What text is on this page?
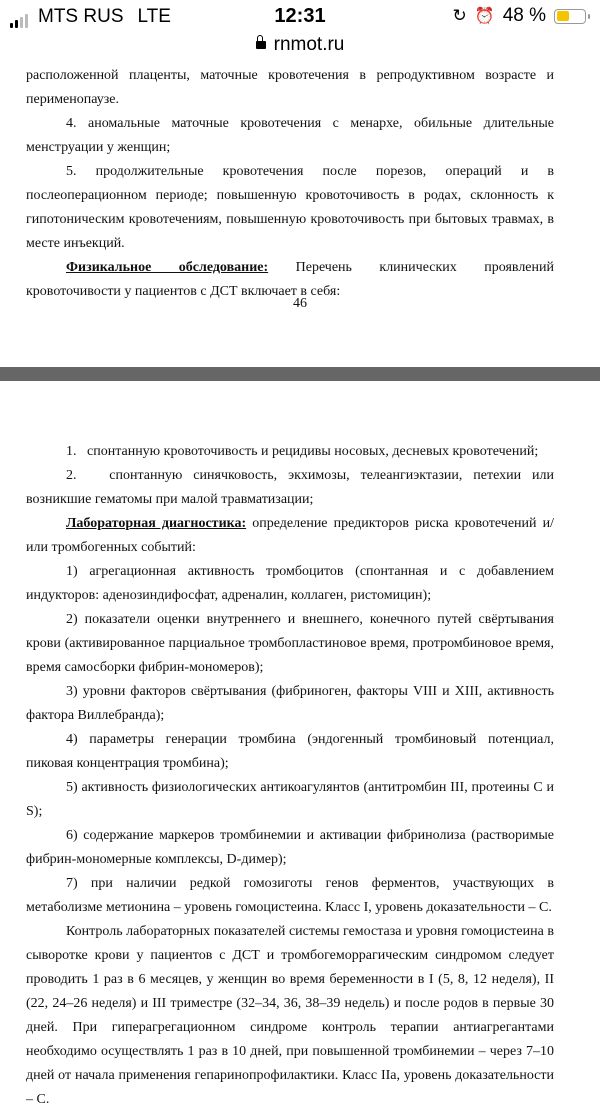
MTS RUS LTE	12:31	↻ ⏰ 48 %
rnmot.ru

расположенной плаценты, маточные кровотечения в репродуктивном возрасте и перименопаузе.

4. аномальные маточные кровотечения с менархе, обильные длительные менструации у женщин;

5. продолжительные кровотечения после порезов, операций и в послеоперационном периоде; повышенную кровоточивость в родах, склонность к гипотоническим кровотечениям, повышенную кровоточивость при бытовых травмах, в месте инъекций.

Физикальное обследование: Перечень клинических проявлений кровоточивости у пациентов с ДСТ включает в себя:

46

1. спонтанную кровоточивость и рецидивы носовых, десневых кровотечений;

2. спонтанную синячковость, экхимозы, телеангиэктазии, петехии или возникшие гематомы при малой травматизации;

Лабораторная диагностика: определение предикторов риска кровотечений и/или тромбогенных событий:

1) агрегационная активность тромбоцитов (спонтанная и с добавлением индукторов: аденозиндифосфат, адреналин, коллаген, ристомицин);

2) показатели оценки внутреннего и внешнего, конечного путей свёртывания крови (активированное парциальное тромбопластиновое время, протромбиновое время, время самосборки фибрин-мономеров);

3) уровни факторов свёртывания (фибриноген, факторы VIII и XIII, активность фактора Виллебранда);

4) параметры генерации тромбина (эндогенный тромбиновый потенциал, пиковая концентрация тромбина);

5) активность физиологических антикоагулянтов (антитромбин III, протеины C и S);

6) содержание маркеров тромбинемии и активации фибринолиза (растворимые фибрин-мономерные комплексы, D-димер);

7) при наличии редкой гомозиготы генов ферментов, участвующих в метаболизме метионина – уровень гомоцистеина. Класс I, уровень доказательности – C.

Контроль лабораторных показателей системы гемостаза и уровня гомоцистеина в сыворотке крови у пациентов с ДСТ и тромбогеморрагическим синдромом следует проводить 1 раз в 6 месяцев, у женщин во время беременности в I (5, 8, 12 неделя), II (22, 24–26 неделя) и III триместре (32–34, 36, 38–39 недель) и после родов в первые 30 дней. При гиперагрегационном синдроме контроль терапии антиагрегантами необходимо осуществлять 1 раз в 10 дней, при повышенной тромбинемии – через 7–10 дней от начала применения гепаринопрофилактики. Класс IIa, уровень доказательности – C.
